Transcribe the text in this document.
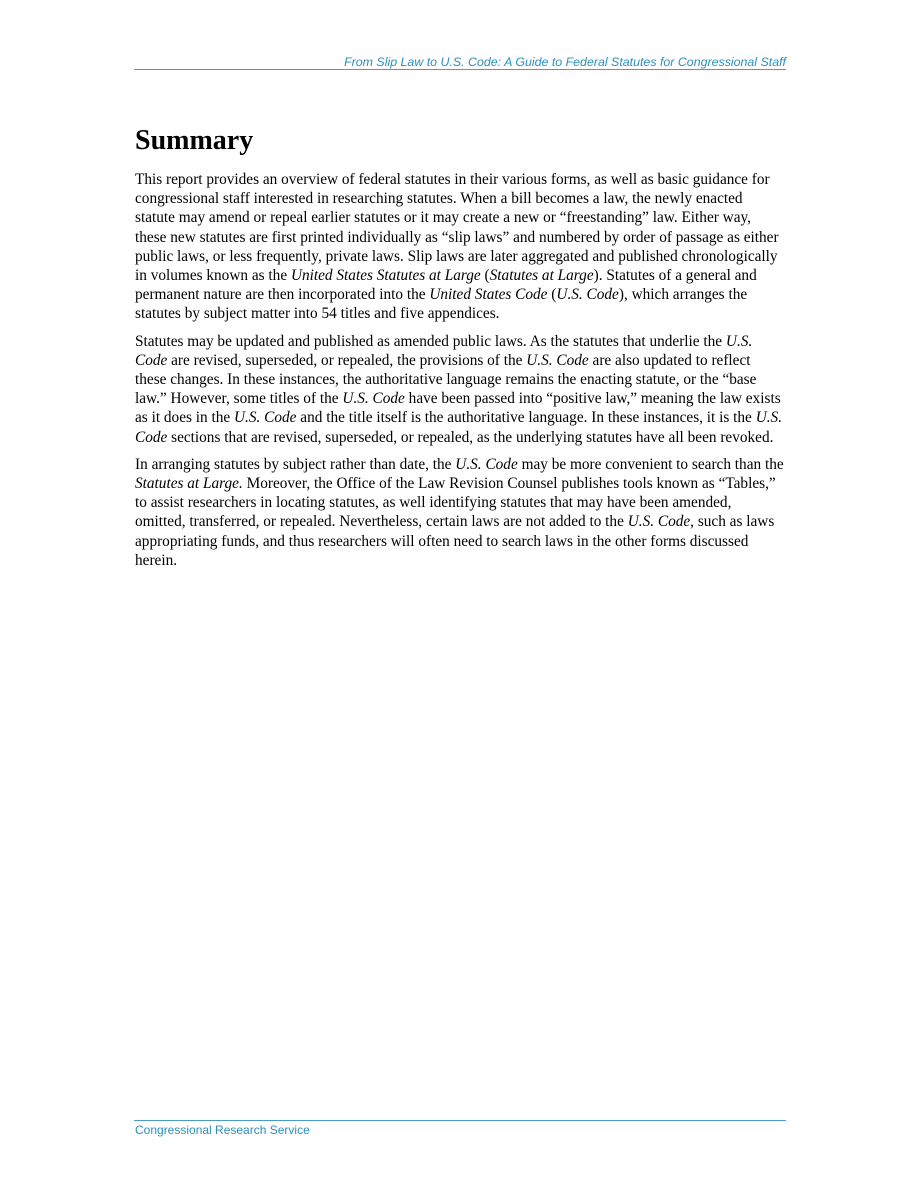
From Slip Law to U.S. Code: A Guide to Federal Statutes for Congressional Staff
Summary

This report provides an overview of federal statutes in their various forms, as well as basic guidance for congressional staff interested in researching statutes. When a bill becomes a law, the newly enacted statute may amend or repeal earlier statutes or it may create a new or “freestanding” law. Either way, these new statutes are first printed individually as “slip laws” and numbered by order of passage as either public laws, or less frequently, private laws. Slip laws are later aggregated and published chronologically in volumes known as the United States Statutes at Large (Statutes at Large). Statutes of a general and permanent nature are then incorporated into the United States Code (U.S. Code), which arranges the statutes by subject matter into 54 titles and five appendices.

Statutes may be updated and published as amended public laws. As the statutes that underlie the U.S. Code are revised, superseded, or repealed, the provisions of the U.S. Code are also updated to reflect these changes. In these instances, the authoritative language remains the enacting statute, or the “base law.” However, some titles of the U.S. Code have been passed into “positive law,” meaning the law exists as it does in the U.S. Code and the title itself is the authoritative language. In these instances, it is the U.S. Code sections that are revised, superseded, or repealed, as the underlying statutes have all been revoked.

In arranging statutes by subject rather than date, the U.S. Code may be more convenient to search than the Statutes at Large. Moreover, the Office of the Law Revision Counsel publishes tools known as “Tables,” to assist researchers in locating statutes, as well identifying statutes that may have been amended, omitted, transferred, or repealed. Nevertheless, certain laws are not added to the U.S. Code, such as laws appropriating funds, and thus researchers will often need to search laws in the other forms discussed herein.

Congressional Research Service
